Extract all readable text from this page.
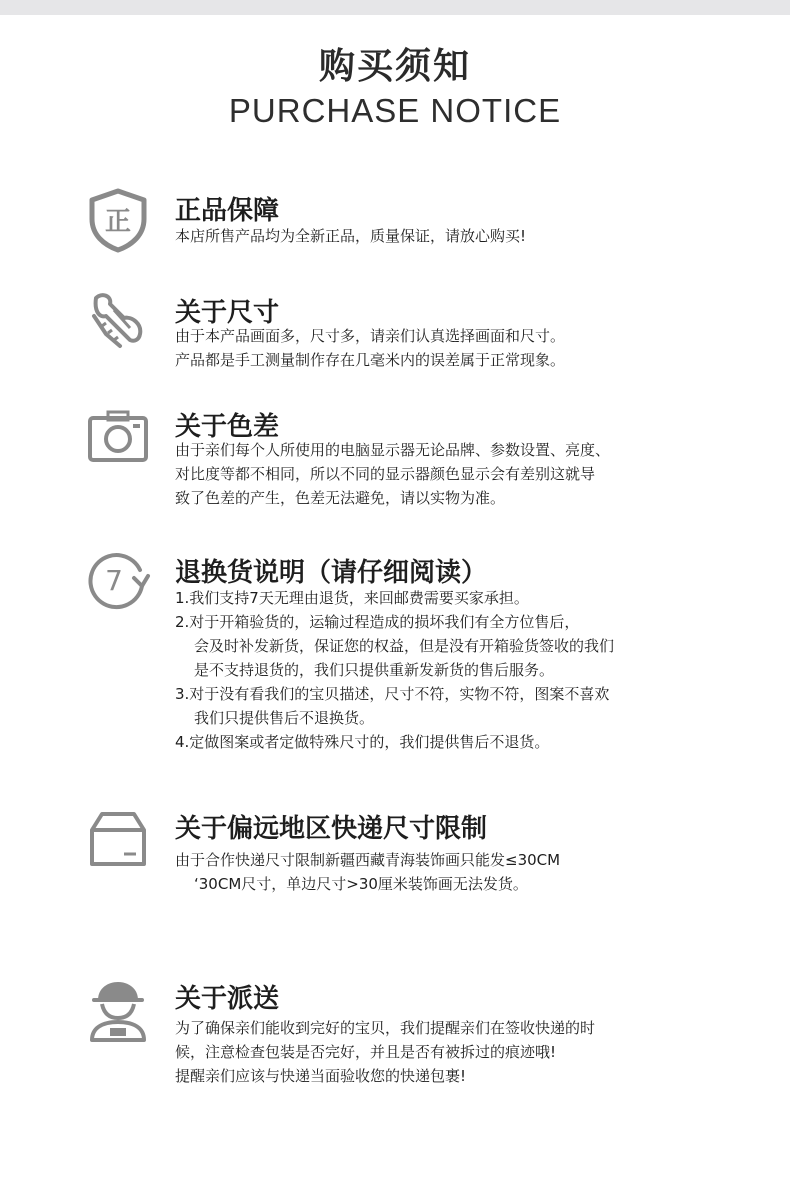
购买须知
PURCHASE NOTICE
正 正品保障
本店所售产品均为全新正品，质量保证，请放心购买!
关于尺寸
由于本产品画面多，尺寸多，请亲们认真选择画面和尺寸。
产品都是手工测量制作存在几毫米内的误差属于正常现象。
关于色差
由于亲们每个人所使用的电脑显示器无论品牌、参数设置、亮度、
对比度等都不相同，所以不同的显示器颜色显示会有差别这就导
致了色差的产生，色差无法避免，请以实物为准。
7 退换货说明（请仔细阅读）
1.我们支持7天无理由退货，来回邮费需要买家承担。
2.对于开箱验货的，运输过程造成的损坏我们有全方位售后，
会及时补发新货，保证您的权益，但是没有开箱验货签收的我们
是不支持退货的，我们只提供重新发新货的售后服务。
3.对于没有看我们的宝贝描述，尺寸不符，实物不符，图案不喜欢
我们只提供售后不退换货。
4.定做图案或者定做特殊尺寸的，我们提供售后不退货。
关于偏远地区快递尺寸限制
由于合作快递尺寸限制新疆西藏青海装饰画只能发≤30CM
‘30CM尺寸，单边尺寸>30厘米装饰画无法发货。
关于派送
为了确保亲们能收到完好的宝贝，我们提醒亲们在签收快递的时
候，注意检查包装是否完好，并且是否有被拆过的痕迹哦!
提醒亲们应该与快递当面验收您的快递包裹!
